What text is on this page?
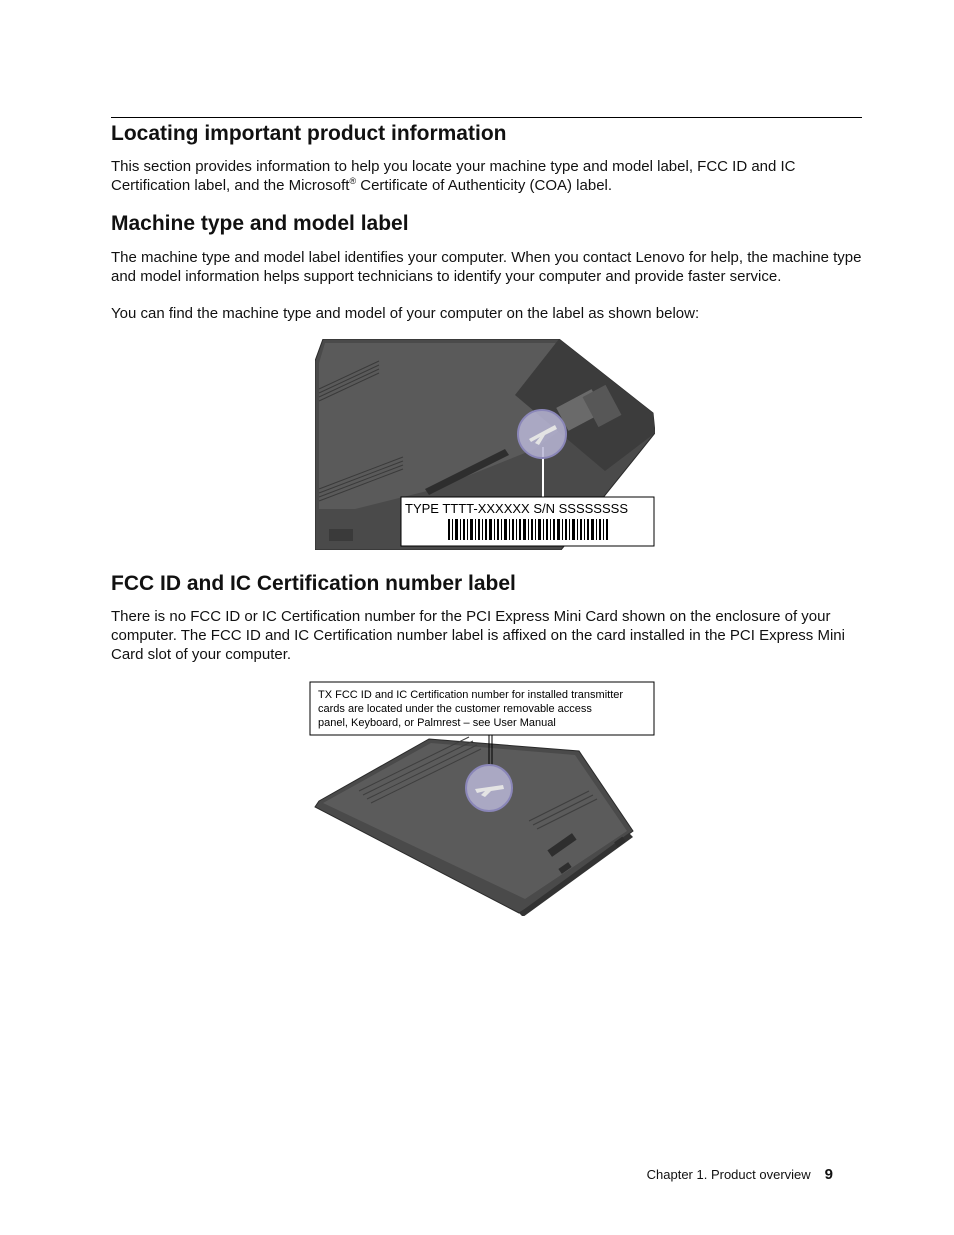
Locating important product information

This section provides information to help you locate your machine type and model label, FCC ID and IC Certification label, and the Microsoft® Certificate of Authenticity (COA) label.

Machine type and model label

The machine type and model label identifies your computer. When you contact Lenovo for help, the machine type and model information helps support technicians to identify your computer and provide faster service.

You can find the machine type and model of your computer on the label as shown below:

TYPE TTTT-XXXXXX S/N SSSSSSSS
FCC ID and IC Certification number label

There is no FCC ID or IC Certification number for the PCI Express Mini Card shown on the enclosure of your computer. The FCC ID and IC Certification number label is affixed on the card installed in the PCI Express Mini Card slot of your computer.

TX FCC ID and IC Certification number for installed transmitter
cards are located under the customer removable access
panel, Keyboard, or Palmrest – see User Manual
Chapter 1. Product overview 9
